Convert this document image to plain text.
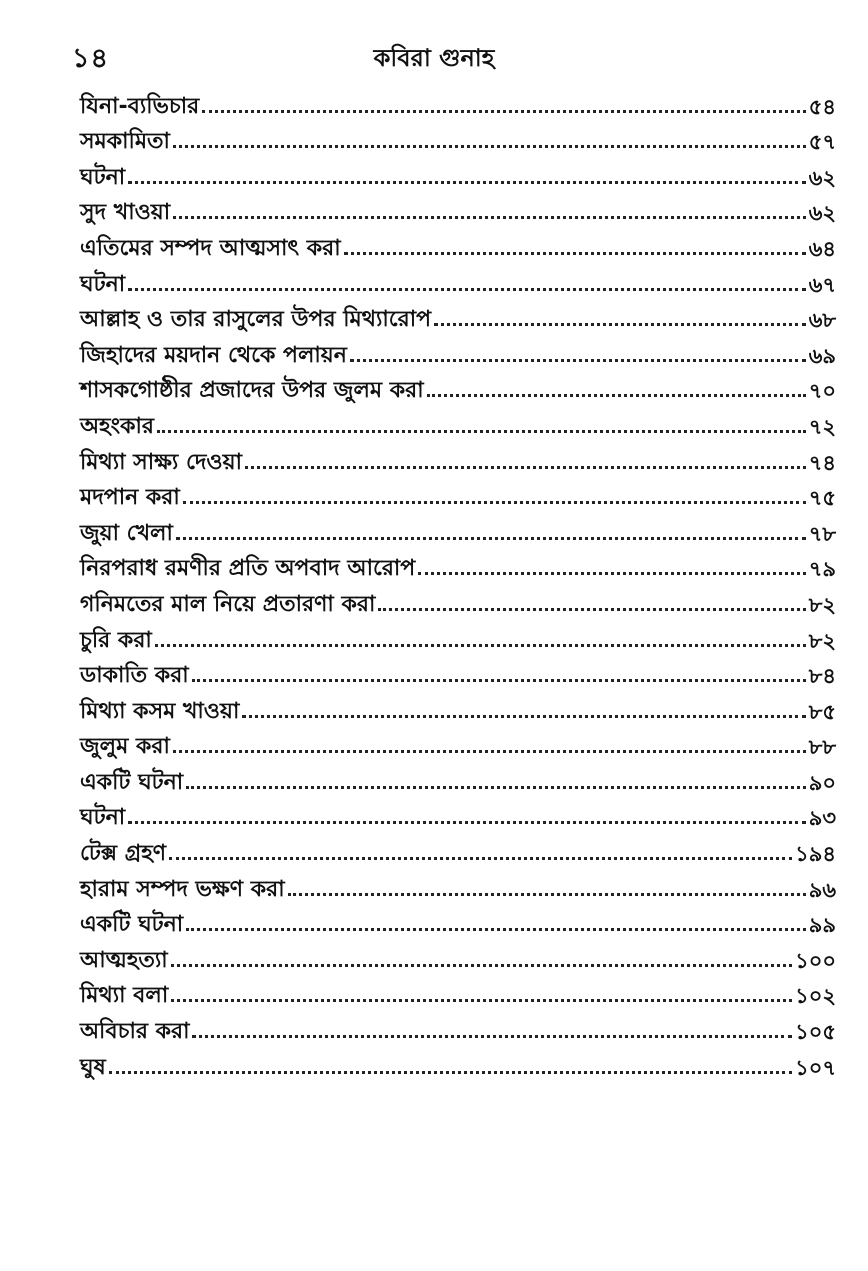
১৪	কবিরা গুনাহ
যিনা-ব্যভিচার	৫৪
সমকামিতা	৫৭
ঘটনা	৬২
সুদ খাওয়া	৬২
এতিমের সম্পদ আত্মসাৎ করা	৬৪
ঘটনা	৬৭
আল্লাহ ও তার রাসুলের উপর মিথ্যারোপ	৬৮
জিহাদের ময়দান থেকে পলায়ন	৬৯
শাসকগোষ্ঠীর প্রজাদের উপর জুলম করা	৭০
অহংকার	৭২
মিথ্যা সাক্ষ্য দেওয়া	৭৪
মদপান করা	৭৫
জুয়া খেলা	৭৮
নিরপরাধ রমণীর প্রতি অপবাদ আরোপ	৭৯
গনিমতের মাল নিয়ে প্রতারণা করা	৮২
চুরি করা	৮২
ডাকাতি করা	৮৪
মিথ্যা কসম খাওয়া	৮৫
জুলুম করা	৮৮
একটি ঘটনা	৯০
ঘটনা	৯৩
টেক্স গ্রহণ	১৯৪
হারাম সম্পদ ভক্ষণ করা	৯৬
একটি ঘটনা	৯৯
আত্মহত্যা	১০০
মিথ্যা বলা	১০২
অবিচার করা	১০৫
ঘুষ	১০৭
